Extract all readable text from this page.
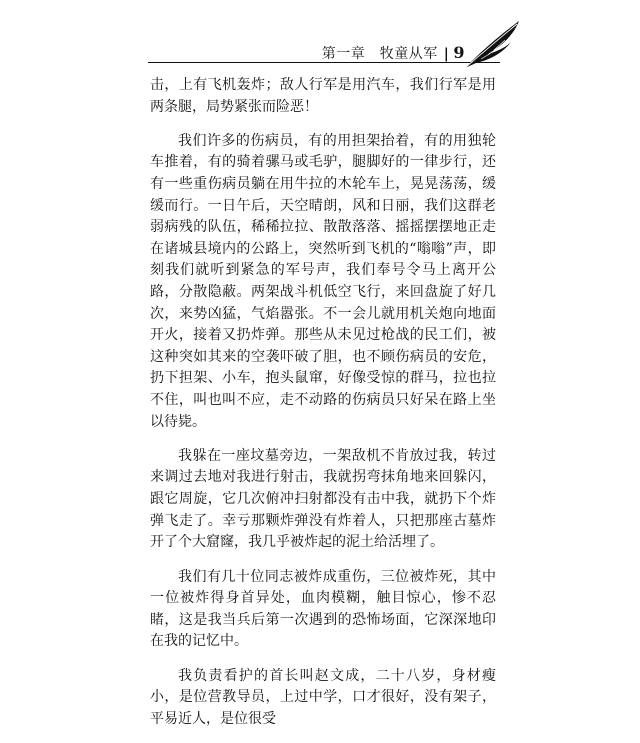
第一章　牧童从军 | 9

击，上有飞机轰炸；敌人行军是用汽车，我们行军是用两条腿，局势紧张而险恶！

我们许多的伤病员，有的用担架抬着，有的用独轮车推着，有的骑着骡马或毛驴，腿脚好的一律步行，还有一些重伤病员躺在用牛拉的木轮车上，晃晃荡荡，缓缓而行。一日午后，天空晴朗，风和日丽，我们这群老弱病残的队伍，稀稀拉拉、散散落落、摇摇摆摆地正走在诸城县境内的公路上，突然听到飞机的“嗡嗡”声，即刻我们就听到紧急的军号声，我们奉号令马上离开公路，分散隐蔽。两架战斗机低空飞行，来回盘旋了好几次，来势凶猛，气焰嚣张。不一会儿就用机关炮向地面开火，接着又扔炸弹。那些从未见过枪战的民工们，被这种突如其来的空袭吓破了胆，也不顾伤病员的安危，扔下担架、小车，抱头鼠窜，好像受惊的群马，拉也拉不住，叫也叫不应，走不动路的伤病员只好呆在路上坐以待毙。

我躲在一座坟墓旁边，一架敌机不肯放过我，转过来调过去地对我进行射击，我就拐弯抹角地来回躲闪，跟它周旋，它几次俯冲扫射都没有击中我，就扔下个炸弹飞走了。幸亏那颗炸弹没有炸着人，只把那座古墓炸开了个大窟窿，我几乎被炸起的泥土给活埋了。

我们有几十位同志被炸成重伤，三位被炸死，其中一位被炸得身首异处，血肉模糊，触目惊心，惨不忍睹，这是我当兵后第一次遇到的恐怖场面，它深深地印在我的记忆中。

我负责看护的首长叫赵文成，二十八岁，身材瘦小，是位营教导员，上过中学，口才很好，没有架子，平易近人，是位很受
